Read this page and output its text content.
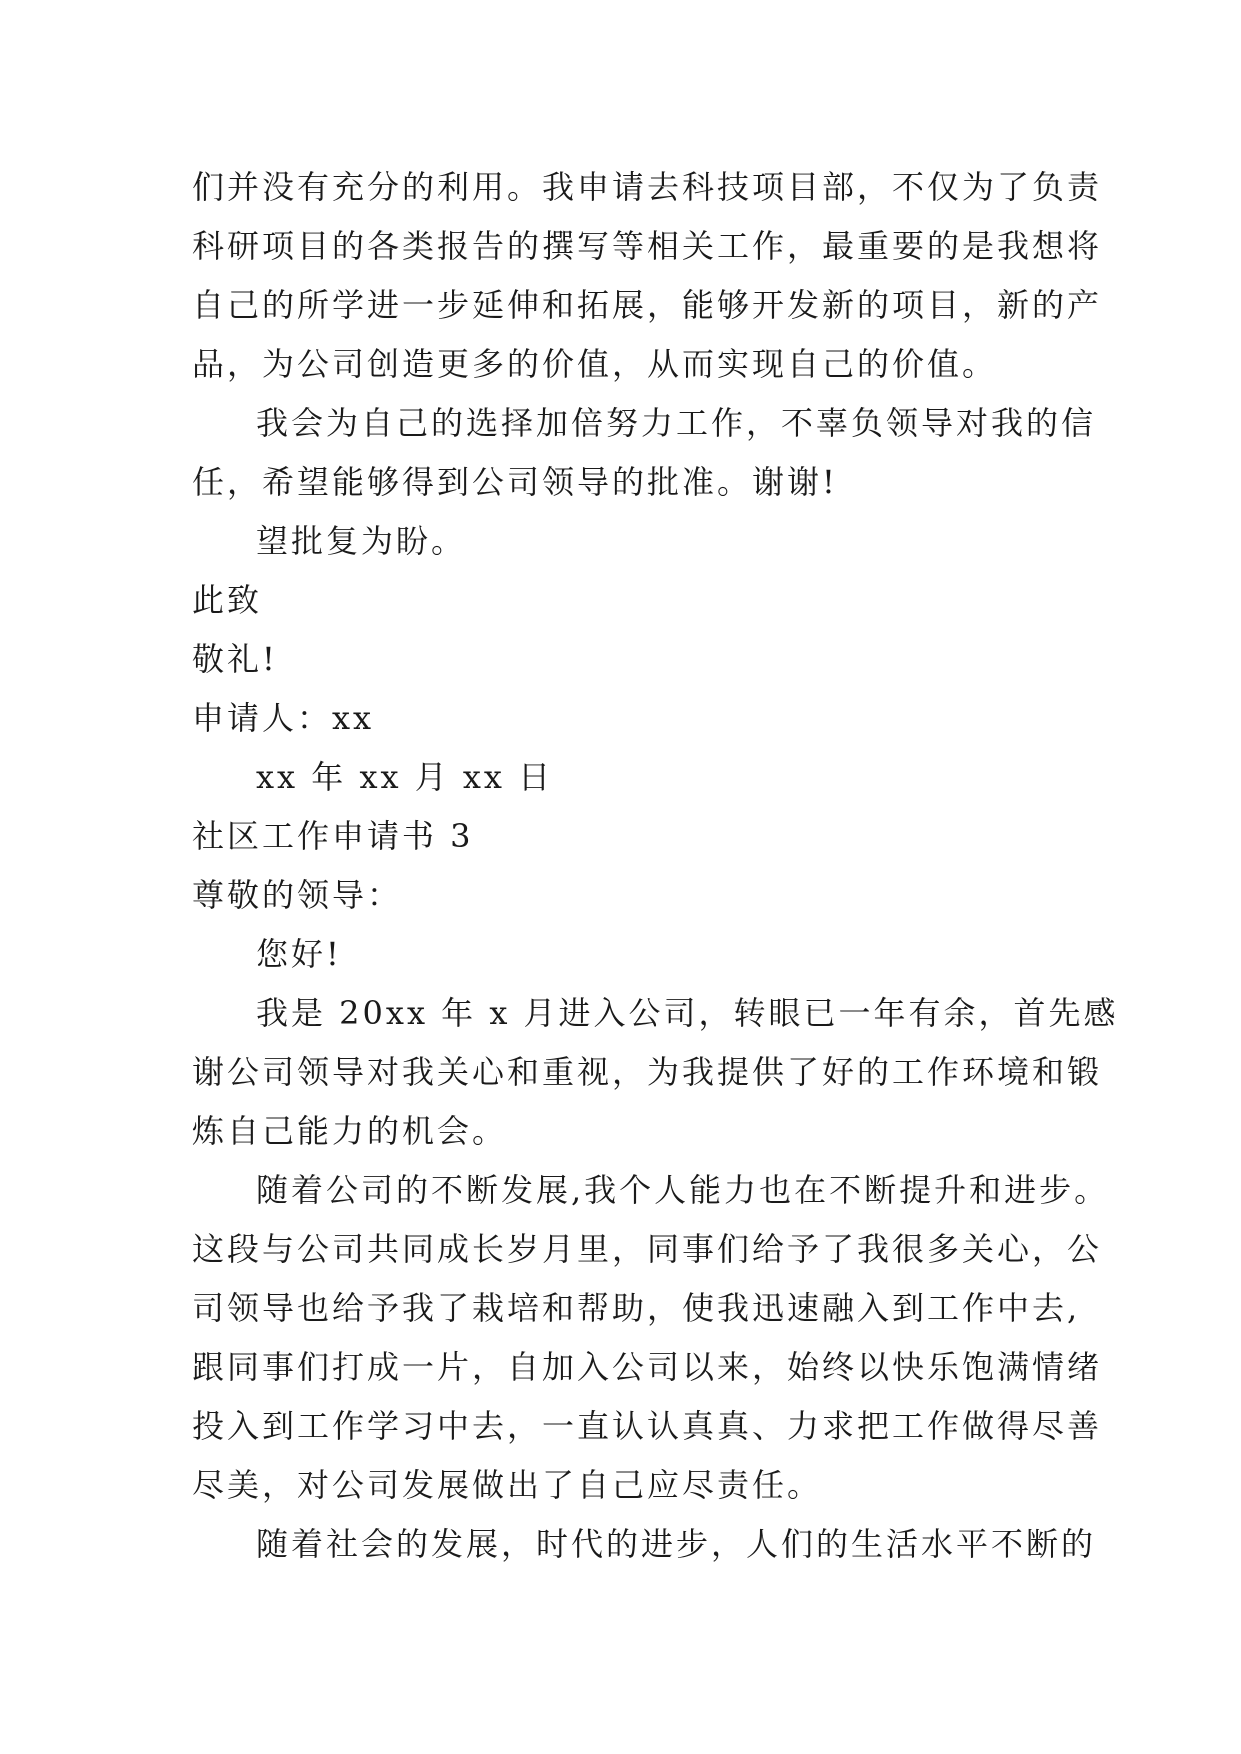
们并没有充分的利用。我申请去科技项目部，不仅为了负责
科研项目的各类报告的撰写等相关工作，最重要的是我想将
自己的所学进一步延伸和拓展，能够开发新的项目，新的产
品，为公司创造更多的价值，从而实现自己的价值。
我会为自己的选择加倍努力工作，不辜负领导对我的信
任，希望能够得到公司领导的批准。谢谢!
望批复为盼。
此致
敬礼!
申请人：xx
xx 年 xx 月 xx 日
社区工作申请书 3
尊敬的领导：
您好!
我是 20xx 年 x 月进入公司，转眼已一年有余，首先感
谢公司领导对我关心和重视，为我提供了好的工作环境和锻
炼自己能力的机会。
随着公司的不断发展,我个人能力也在不断提升和进步。
这段与公司共同成长岁月里，同事们给予了我很多关心，公
司领导也给予我了栽培和帮助，使我迅速融入到工作中去,
跟同事们打成一片，自加入公司以来，始终以快乐饱满情绪
投入到工作学习中去，一直认认真真、力求把工作做得尽善
尽美，对公司发展做出了自己应尽责任。
随着社会的发展，时代的进步，人们的生活水平不断的
